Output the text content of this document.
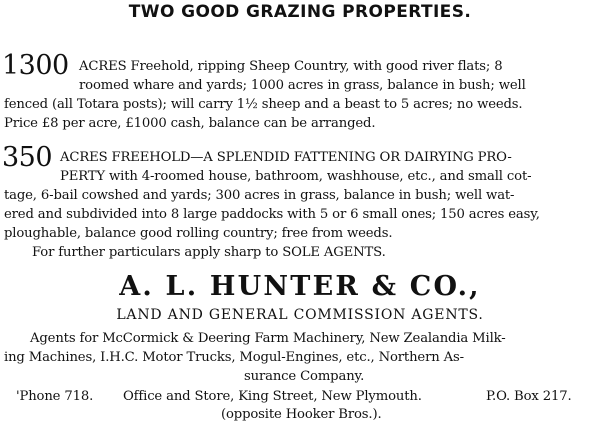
TWO GOOD GRAZING PROPERTIES.
1300 ACRES Freehold, ripping Sheep Country, with good river flats; 8
roomed whare and yards; 1000 acres in grass, balance in bush; well
fenced (all Totara posts); will carry 1½ sheep and a beast to 5 acres; no weeds.
Price £8 per acre, £1000 cash, balance can be arranged.
350 ACRES FREEHOLD—A SPLENDID FATTENING OR DAIRYING PRO-
PERTY with 4-roomed house, bathroom, washhouse, etc., and small cot-
tage, 6-bail cowshed and yards; 300 acres in grass, balance in bush; well wat-
ered and subdivided into 8 large paddocks with 5 or 6 small ones; 150 acres easy,
ploughable, balance good rolling country; free from weeds.
For further particulars apply sharp to SOLE AGENTS.
A. L. HUNTER & CO.,
LAND AND GENERAL COMMISSION AGENTS.
Agents for McCormick & Deering Farm Machinery, New Zealandia Milk-
ing Machines, I.H.C. Motor Trucks, Mogul-Engines, etc., Northern As-
surance Company.
'Phone 718. Office and Store, King Street, New Plymouth.	P.O. Box 217.
(opposite Hooker Bros.).
